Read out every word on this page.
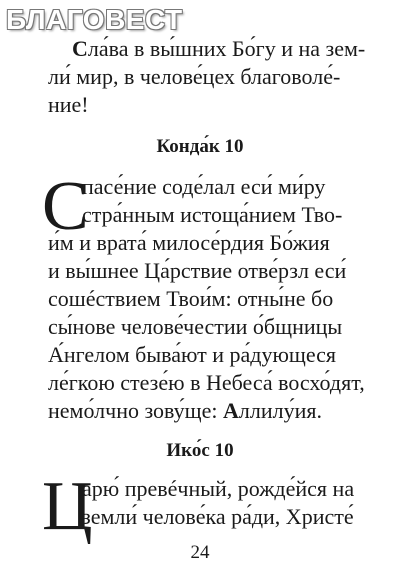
БЛАГОВЕСТ
Сла́ва в вы́шних Бо́гу и на зем-
ли́ мир, в челове́цех благоволе́-
ние!
Конда́к 10
С
пасе́ние соде́лал еси́ ми́ру
стра́нным истоща́нием Тво-
и́м и врата́ милосе́рдия Бо́жия
и вы́шнее Ца́рствие отве́рзл еси́
сошéствием Твои́м: отны́не бо
сы́нове челове́честии о́бщницы
А́нгелом быва́ют и ра́дующеся
ле́гкою стезе́ю в Небеса́ восхо́дят,
24
немо́лчно зову́ще: Аллилу́ия.
Ико́с 10
Ц
арю́ превéчный, рожде́йся на
земли́ челове́ка ра́ди, Христе́
